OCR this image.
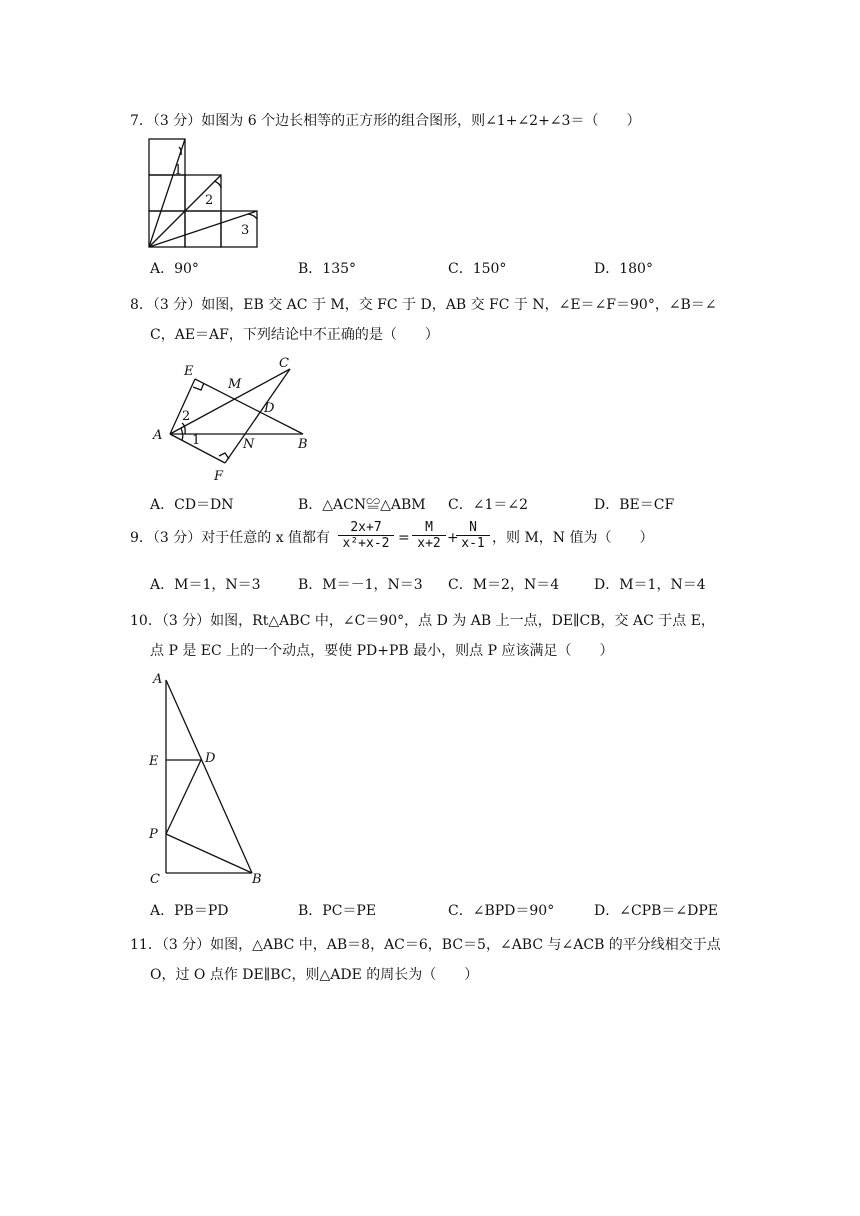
7．（3 分）如图为 6 个边长相等的正方形的组合图形，则∠1+∠2+∠3＝（　　）
1
2
3
A．90°	B．135°	C．150°	D．180°
8．（3 分）如图，EB 交 AC 于 M，交 FC 于 D，AB 交 FC 于 N，∠E＝∠F＝90°，∠B＝∠
C，AE＝AF，下列结论中不正确的是（　　）
E
M
C
D
A
N	B
F
1
2
A．CD＝DN	B．△ACN≌△ABM C．∠1＝∠2	D．BE＝CF
9．（3 分）对于任意的 x 值都有 $\frac{2x+7}{\text{x²+x-2}} = \frac{M}{x+2}$ +
$\frac{N}{x-1}$ ，则 M，N 值为（　　）
A．M＝1，N＝3	B．M＝－1，N＝3 C．M＝2，N＝4 D．M＝1，N＝4
10．（3 分）如图，Rt△ABC 中，∠C＝90°，点 D 为 AB 上一点，DE∥CB，交 AC 于点 E，
点 P 是 EC 上的一个动点，要使 PD+PB 最小，则点 P 应该满足（　　）
A
E	D
P
C	B
A．PB＝PD	B．PC＝PE	C．∠BPD＝90°	D．∠CPB＝∠DPE
11．（3 分）如图，△ABC 中，AB＝8，AC＝6，BC＝5，∠ABC 与∠ACB 的平分线相交于点
O，过 O 点作 DE∥BC，则△ADE 的周长为（　　）
